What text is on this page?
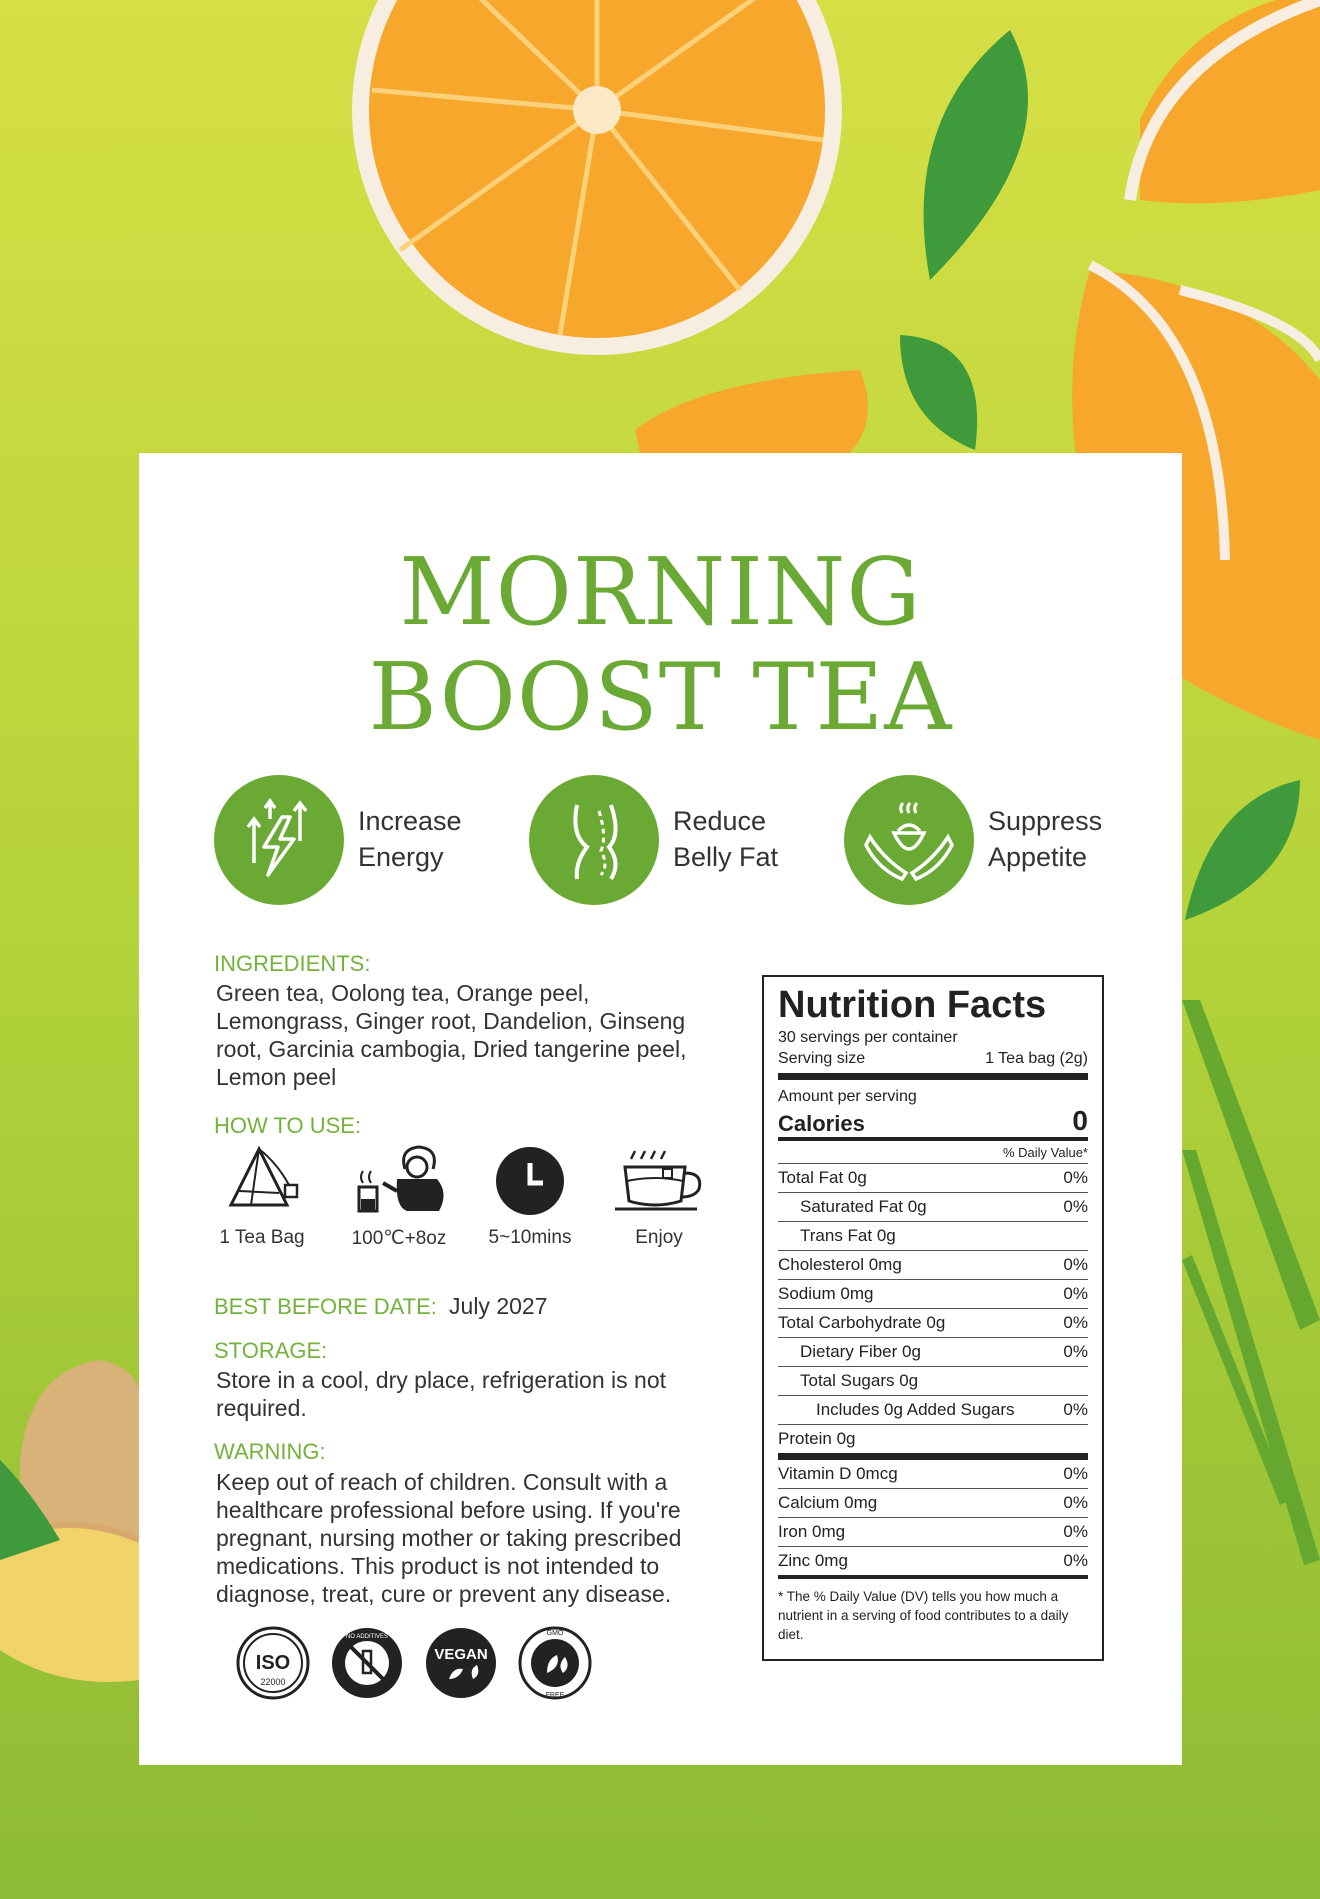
MORNING
BOOST TEA
Increase
Energy
Reduce
Belly Fat
Suppress
Appetite
INGREDIENTS:
Green tea, Oolong tea, Orange peel, Lemongrass, Ginger root, Dandelion, Ginseng root, Garcinia cambogia, Dried tangerine peel, Lemon peel
HOW TO USE:
1 Tea Bag	100℃+8oz	5~10mins	Enjoy
BEST BEFORE DATE: July 2027
STORAGE:
Store in a cool, dry place, refrigeration is not required.
WARNING:
Keep out of reach of children. Consult with a healthcare professional before using. If you're pregnant, nursing mother or taking prescribed medications. This product is not intended to diagnose, treat, cure or prevent any disease.
ISO
22000
NO ADDITIVES
VEGAN
GMO
FREE
Nutrition Facts
30 servings per container
Serving size	1 Tea bag (2g)
Amount per serving
Calories	0
% Daily Value*
Total Fat 0g	0%
Saturated Fat 0g	0%
Trans Fat 0g
Cholesterol 0mg	0%
Sodium 0mg	0%
Total Carbohydrate 0g	0%
Dietary Fiber 0g	0%
Total Sugars 0g
Includes 0g Added Sugars	0%
Protein 0g
Vitamin D 0mcg	0%
Calcium 0mg	0%
Iron 0mg	0%
Zinc 0mg	0%
* The % Daily Value (DV) tells you how much a nutrient in a serving of food contributes to a daily diet.
